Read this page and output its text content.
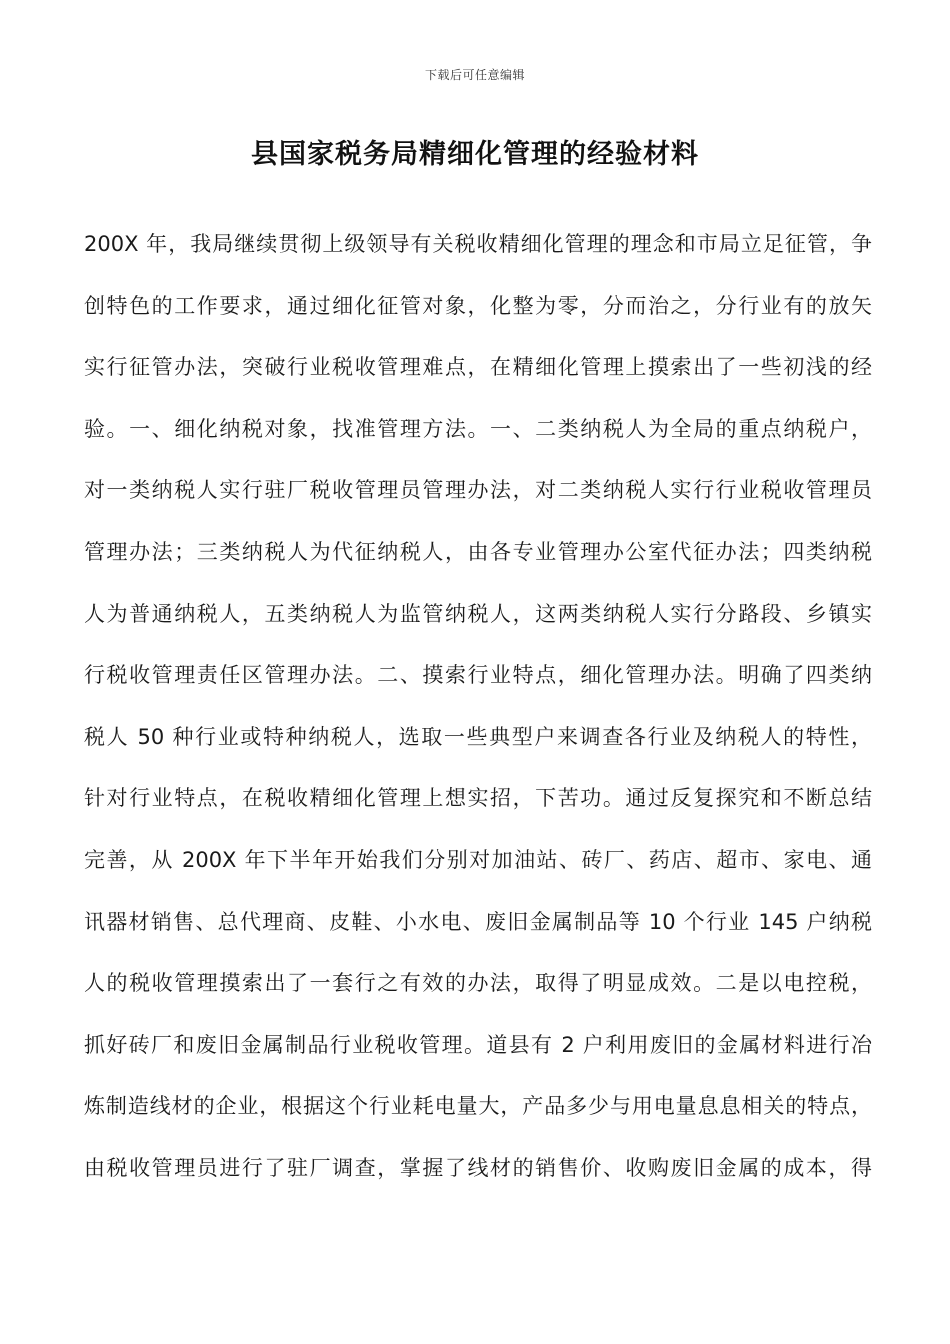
下载后可任意编辑
县国家税务局精细化管理的经验材料
200X 年，我局继续贯彻上级领导有关税收精细化管理的理念和市局立足征管，争
创特色的工作要求，通过细化征管对象，化整为零，分而治之，分行业有的放矢
实行征管办法，突破行业税收管理难点，在精细化管理上摸索出了一些初浅的经
验。一、细化纳税对象，找准管理方法。一、二类纳税人为全局的重点纳税户，
对一类纳税人实行驻厂税收管理员管理办法，对二类纳税人实行行业税收管理员
管理办法；三类纳税人为代征纳税人，由各专业管理办公室代征办法；四类纳税
人为普通纳税人，五类纳税人为监管纳税人，这两类纳税人实行分路段、乡镇实
行税收管理责任区管理办法。二、摸索行业特点，细化管理办法。明确了四类纳
税人 50 种行业或特种纳税人，选取一些典型户来调查各行业及纳税人的特性，
针对行业特点，在税收精细化管理上想实招，下苦功。通过反复探究和不断总结
完善，从 200X 年下半年开始我们分别对加油站、砖厂、药店、超市、家电、通
讯器材销售、总代理商、皮鞋、小水电、废旧金属制品等 10 个行业 145 户纳税
人的税收管理摸索出了一套行之有效的办法，取得了明显成效。二是以电控税，
抓好砖厂和废旧金属制品行业税收管理。道县有 2 户利用废旧的金属材料进行冶
炼制造线材的企业，根据这个行业耗电量大，产品多少与用电量息息相关的特点，
由税收管理员进行了驻厂调查，掌握了线材的销售价、收购废旧金属的成本，得
